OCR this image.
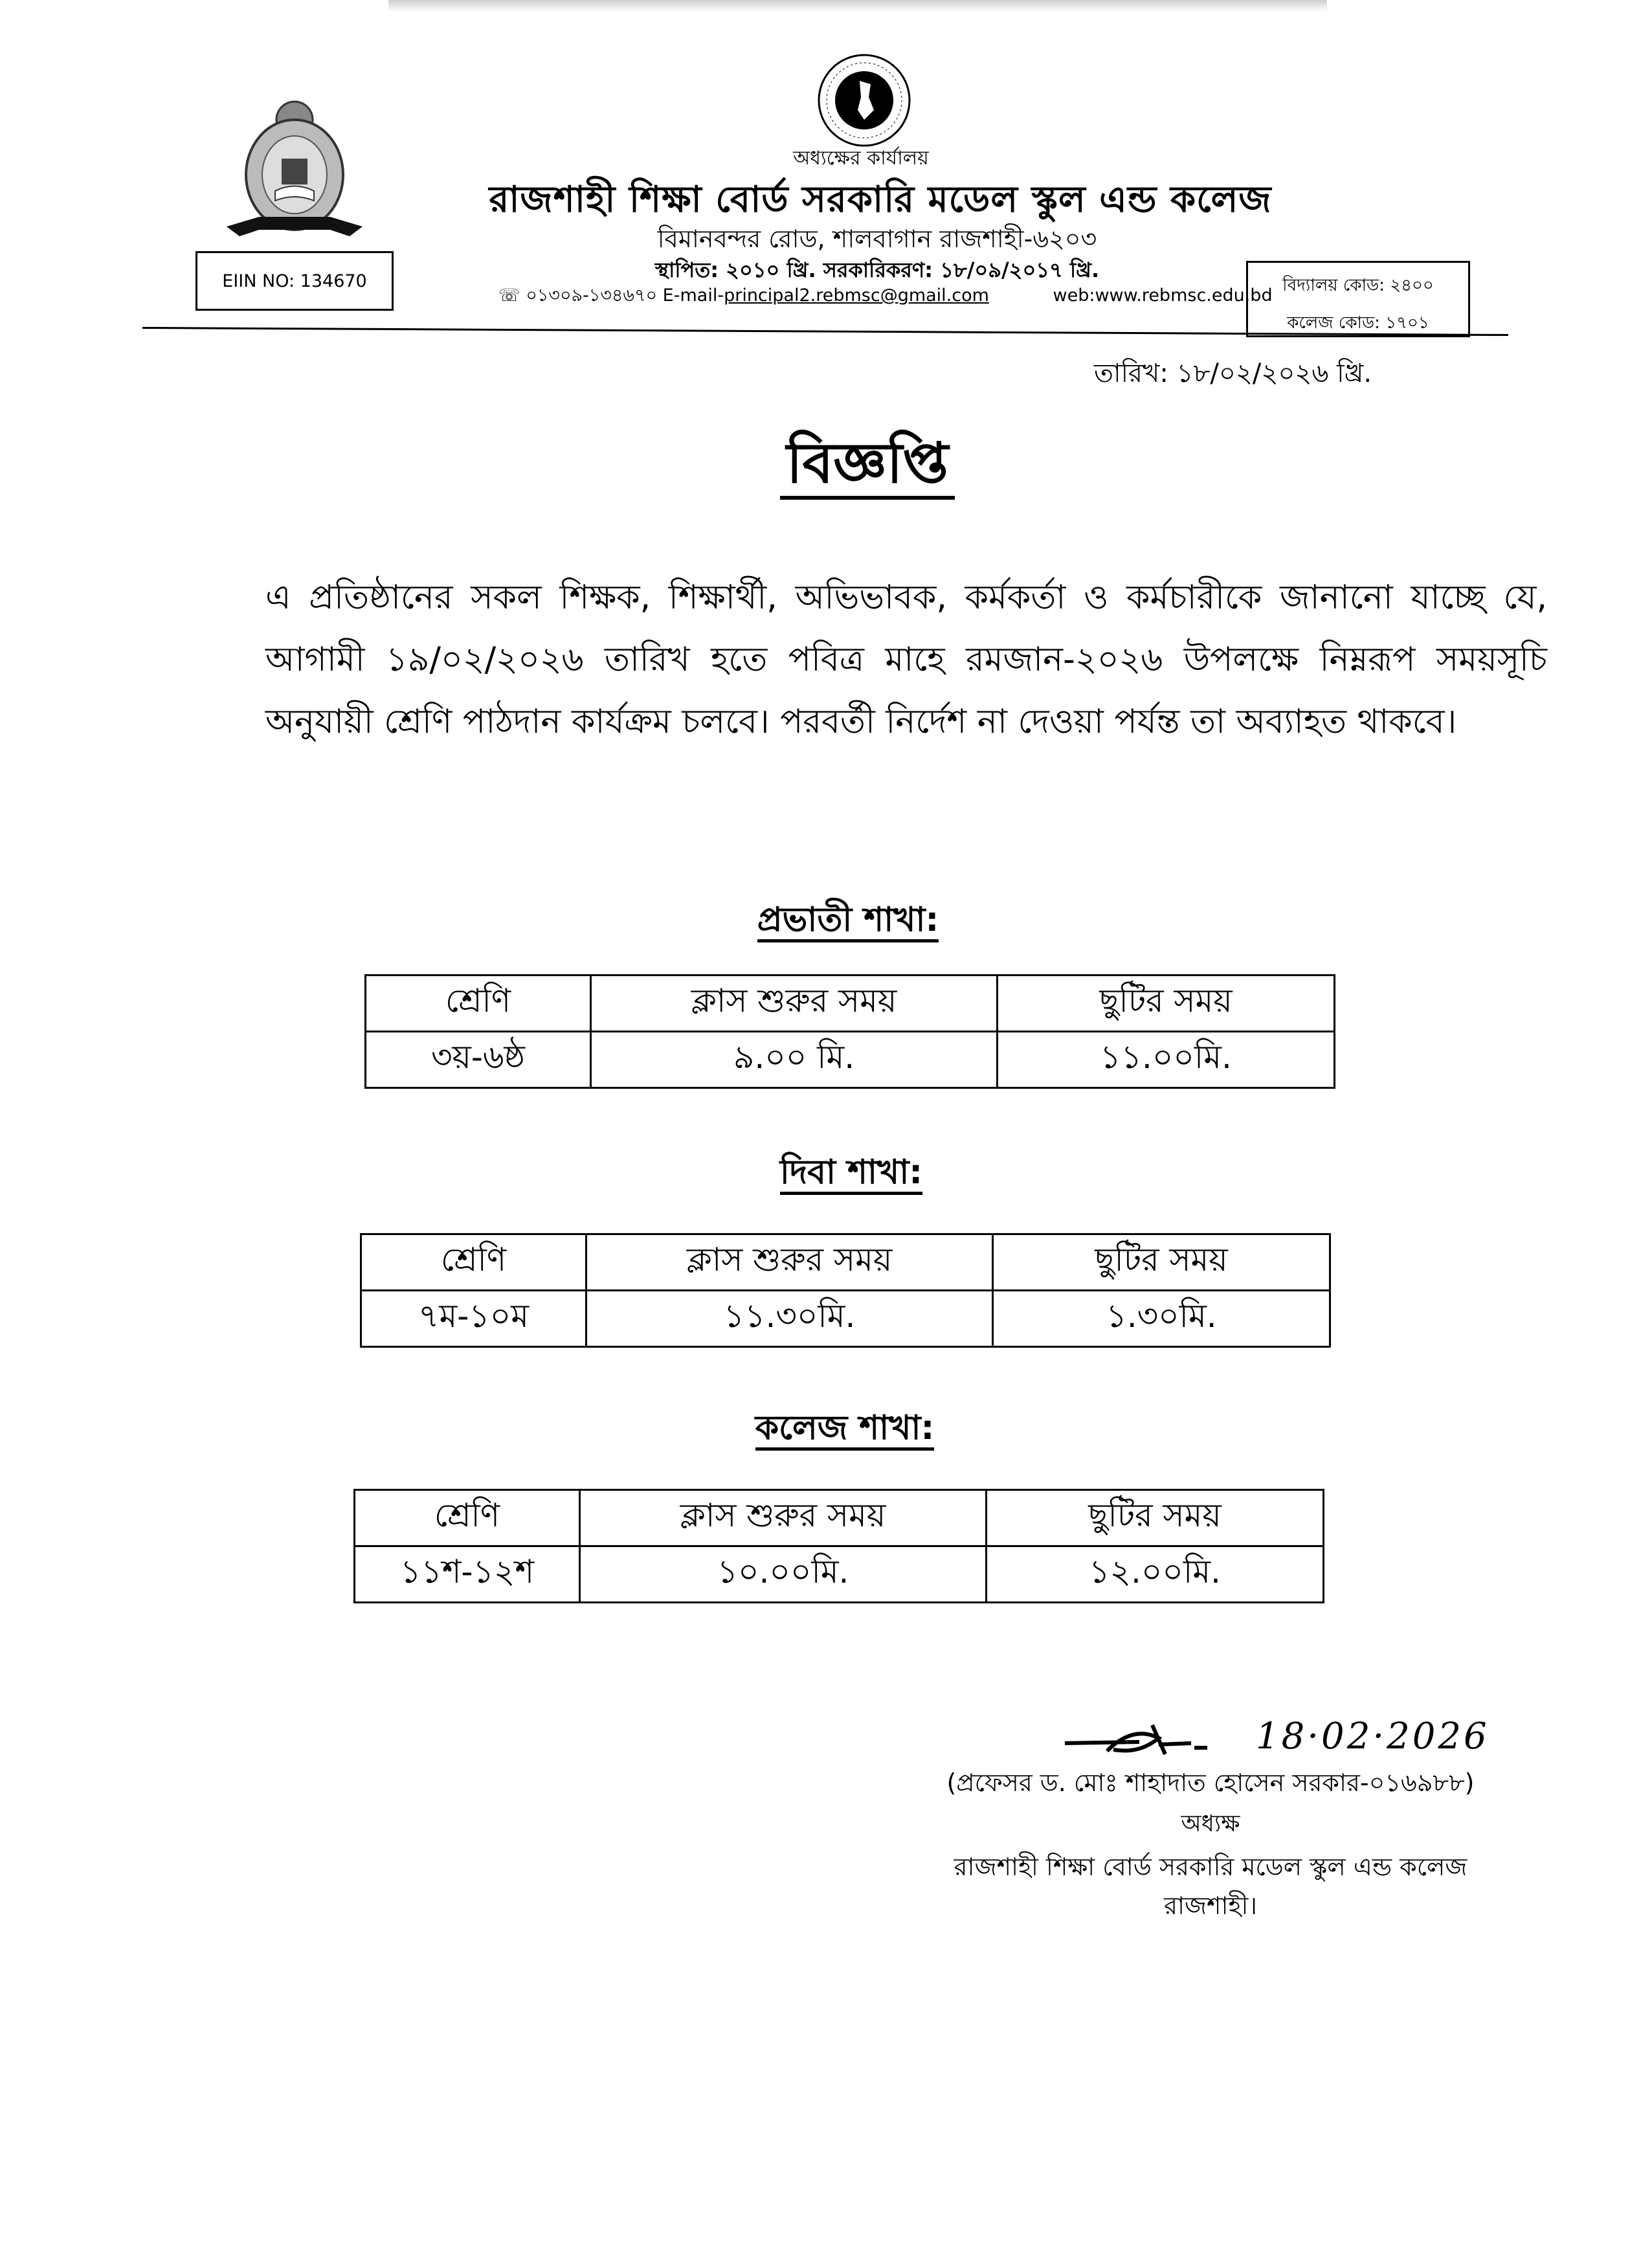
অধ্যক্ষের কার্যালয়
রাজশাহী শিক্ষা বোর্ড সরকারি মডেল স্কুল এন্ড কলেজ
বিমানবন্দর রোড, শালবাগান রাজশাহী-৬২০৩
স্থাপিত: ২০১০ খ্রি. সরকারিকরণ: ১৮/০৯/২০১৭ খ্রি.
☏ ০১৩০৯-১৩৪৬৭০ E-mail-principal2.rebmsc@gmail.com	web:www.rebmsc.edu.bd
EIIN NO: 134670	বিদ্যালয় কোড: ২৪০০
কলেজ কোড: ১৭০১
তারিখ: ১৮/০২/২০২৬ খ্রি.
বিজ্ঞপ্তি
এ প্রতিষ্ঠানের সকল শিক্ষক, শিক্ষার্থী, অভিভাবক, কর্মকর্তা ও কর্মচারীকে জানানো যাচ্ছে যে, আগামী ১৯/০২/২০২৬ তারিখ হতে পবিত্র মাহে রমজান-২০২৬ উপলক্ষে নিম্নরূপ সময়সূচি অনুযায়ী শ্রেণি পাঠদান কার্যক্রম চলবে। পরবর্তী নির্দেশ না দেওয়া পর্যন্ত তা অব্যাহত থাকবে।
প্রভাতী শাখা:
শ্রেণি	ক্লাস শুরুর সময়	ছুটির সময়
৩য়-৬ষ্ঠ	৯.০০ মি.	১১.০০মি.
দিবা শাখা:
শ্রেণি	ক্লাস শুরুর সময়	ছুটির সময়
৭ম-১০ম	১১.৩০মি.	১.৩০মি.
কলেজ শাখা:
শ্রেণি	ক্লাস শুরুর সময়	ছুটির সময়
১১শ-১২শ	১০.০০মি.	১২.০০মি.
18·02·2026
(প্রফেসর ড. মোঃ শাহাদাত হোসেন সরকার-০১৬৯৮৮)
অধ্যক্ষ
রাজশাহী শিক্ষা বোর্ড সরকারি মডেল স্কুল এন্ড কলেজ
রাজশাহী।
